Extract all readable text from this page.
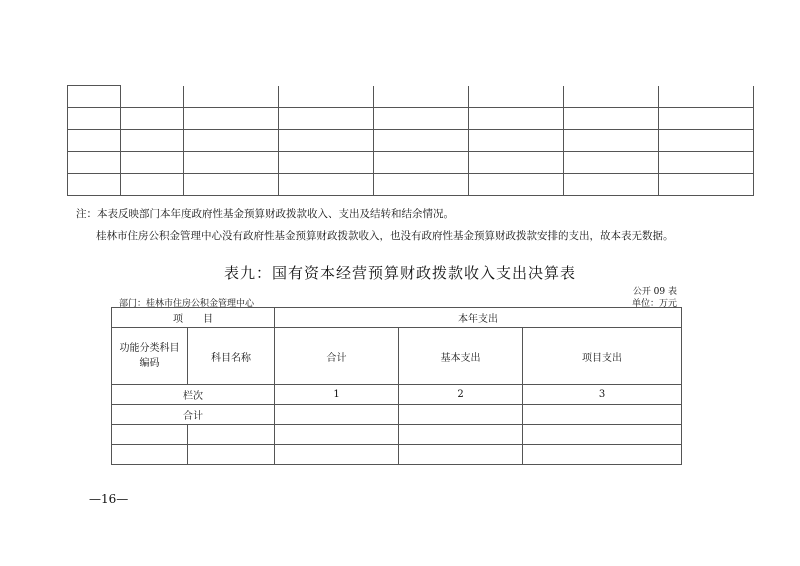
注：本表反映部门本年度政府性基金预算财政拨款收入、支出及结转和结余情况。
桂林市住房公积金管理中心没有政府性基金预算财政拨款收入，也没有政府性基金预算财政拨款安排的支出，故本表无数据。
表九：国有资本经营预算财政拨款收入支出决算表
公开 09 表
部门：桂林市住房公积金管理中心	单位：万元
项　　目		本年支出		
功能分类科目编码	科目名称	合计	基本支出	项目支出
栏次		1	2	3
合计				

—16—
